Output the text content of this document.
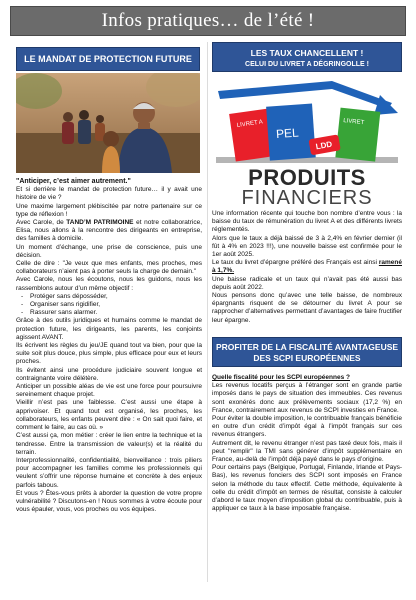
Infos pratiques… de l’été !
LE MANDAT DE PROTECTION FUTURE

"Anticiper, c’est aimer autrement."

Et si derrière le mandat de protection future… il y avait une histoire de vie ?

Une maxime largement plébiscitée par notre partenaire sur ce type de réflexion !

Avec Carole, de TAND’M PATRIMOINE et notre collaboratrice, Elisa, nous allons à la rencontre des dirigeants en entreprise, des familles à domicile.

Un moment d’échange, une prise de conscience, puis une décision.

Celle de dire : "Je veux que mes enfants, mes proches, mes collaborateurs n’aient pas à porter seuls la charge de demain."

Avec Carole, nous les écoutons, nous les guidons, nous les rassemblons autour d’un même objectif :

- Protéger sans déposséder,
- Organiser sans rigidifier,
- Rassurer sans alarmer.

Grâce à des outils juridiques et humains comme le mandat de protection future, les dirigeants, les parents, les conjoints agissent AVANT.

Ils écrivent les règles du jeu/JE quand tout va bien, pour que la suite soit plus douce, plus simple, plus efficace pour eux et leurs proches.

Ils évitent ainsi une procédure judiciaire souvent longue et contraignante voire délétère.

Anticiper un possible aléas de vie est une force pour poursuivre sereinement chaque projet.

Vieillir n’est pas une faiblesse. C’est aussi une étape à apprivoiser. Et quand tout est organisé, les proches, les collaborateurs, les enfants peuvent dire : « On sait quoi faire, et comment le faire, au cas où. »

C’est aussi ça, mon métier : créer le lien entre la technique et la tendresse. Entre la transmission de valeur(s) et la réalité du terrain.

Interprofessionnalité, confidentialité, bienveillance : trois piliers pour accompagner les familles comme les professionnels qui veulent s’offrir une réponse humaine et concrète à des enjeux parfois tabous.

Et vous ? Êtes-vous prêts à aborder la question de votre propre vulnérabilité ? Discutons-en ! Nous sommes à votre écoute pour vous épauler, vous, vos proches ou vos équipes.

LES TAUX CHANCELLENT !
CELUI DU LIVRET A DÉGRINGOLLE !
LIVRET A
PEL
LIVRET
LDD
PRODUITS
FINANCIERS

Une information récente qui touche bon nombre d’entre vous : la baisse du taux de rémunération du livret A et des différents livrets réglementés.

Alors que le taux a déjà baissé de 3 à 2,4% en février dernier (il fût à 4% en 2023 !!!), une nouvelle baisse est confirmée pour le 1er août 2025.

Le taux du livret d’épargne préféré des Français est ainsi ramené à 1,7%.

Une baisse radicale et un taux qui n’avait pas été aussi bas depuis août 2022.

Nous pensons donc qu’avec une telle baisse, de nombreux épargnants risquent de se détourner du livret A pour se rapprocher d’alternatives permettant d’avantages de faire fructifier leur épargne.

PROFITER DE LA FISCALITÉ AVANTAGEUSE DES SCPI EUROPÉENNES

Quelle fiscalité pour les SCPI européennes ?

Les revenus locatifs perçus à l’étranger sont en grande partie imposés dans le pays de situation des immeubles. Ces revenus sont exonérés donc aux prélèvements sociaux (17,2 %) en France, contrairement aux revenus de SCPI investies en France.

Pour éviter la double imposition, le contribuable français bénéficie en outre d’un crédit d’impôt égal à l’impôt français sur ces revenus étrangers.

Autrement dit, le revenu étranger n’est pas taxé deux fois, mais il peut "remplir" la TMI sans générer d’impôt supplémentaire en France, au-delà de l’impôt déjà payé dans le pays d’origine.

Pour certains pays (Belgique, Portugal, Finlande, Irlande et Pays-Bas), les revenus fonciers des SCPI sont imposés en France selon la méthode du taux effectif. Cette méthode, équivalente à celle du crédit d’impôt en termes de résultat, consiste à calculer d’abord le taux moyen d’imposition global du contribuable, puis à appliquer ce taux à la base imposable française.
